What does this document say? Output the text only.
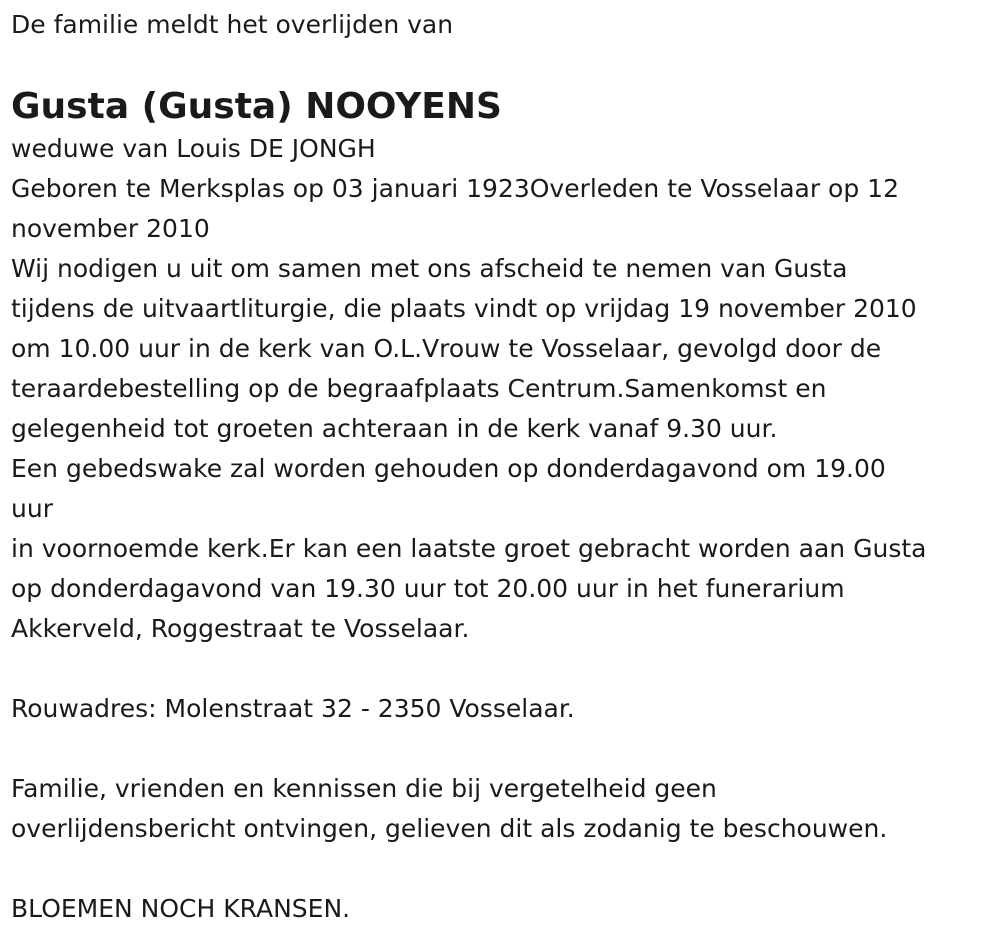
De familie meldt het overlijden van
Gusta (Gusta) NOOYENS
weduwe van Louis DE JONGH
Geboren te Merksplas op 03 januari 1923Overleden te Vosselaar op 12
november 2010
Wij nodigen u uit om samen met ons afscheid te nemen van Gusta
tijdens de uitvaartliturgie, die plaats vindt op vrijdag 19 november 2010
om 10.00 uur in de kerk van O.L.Vrouw te Vosselaar, gevolgd door de
teraardebestelling op de begraafplaats Centrum.Samenkomst en
gelegenheid tot groeten achteraan in de kerk vanaf 9.30 uur.
Een gebedswake zal worden gehouden op donderdagavond om 19.00
uur
in voornoemde kerk.Er kan een laatste groet gebracht worden aan Gusta
op donderdagavond van 19.30 uur tot 20.00 uur in het funerarium
Akkerveld, Roggestraat te Vosselaar.
Rouwadres: Molenstraat 32 - 2350 Vosselaar.
Familie, vrienden en kennissen die bij vergetelheid geen
overlijdensbericht ontvingen, gelieven dit als zodanig te beschouwen.
BLOEMEN NOCH KRANSEN.
